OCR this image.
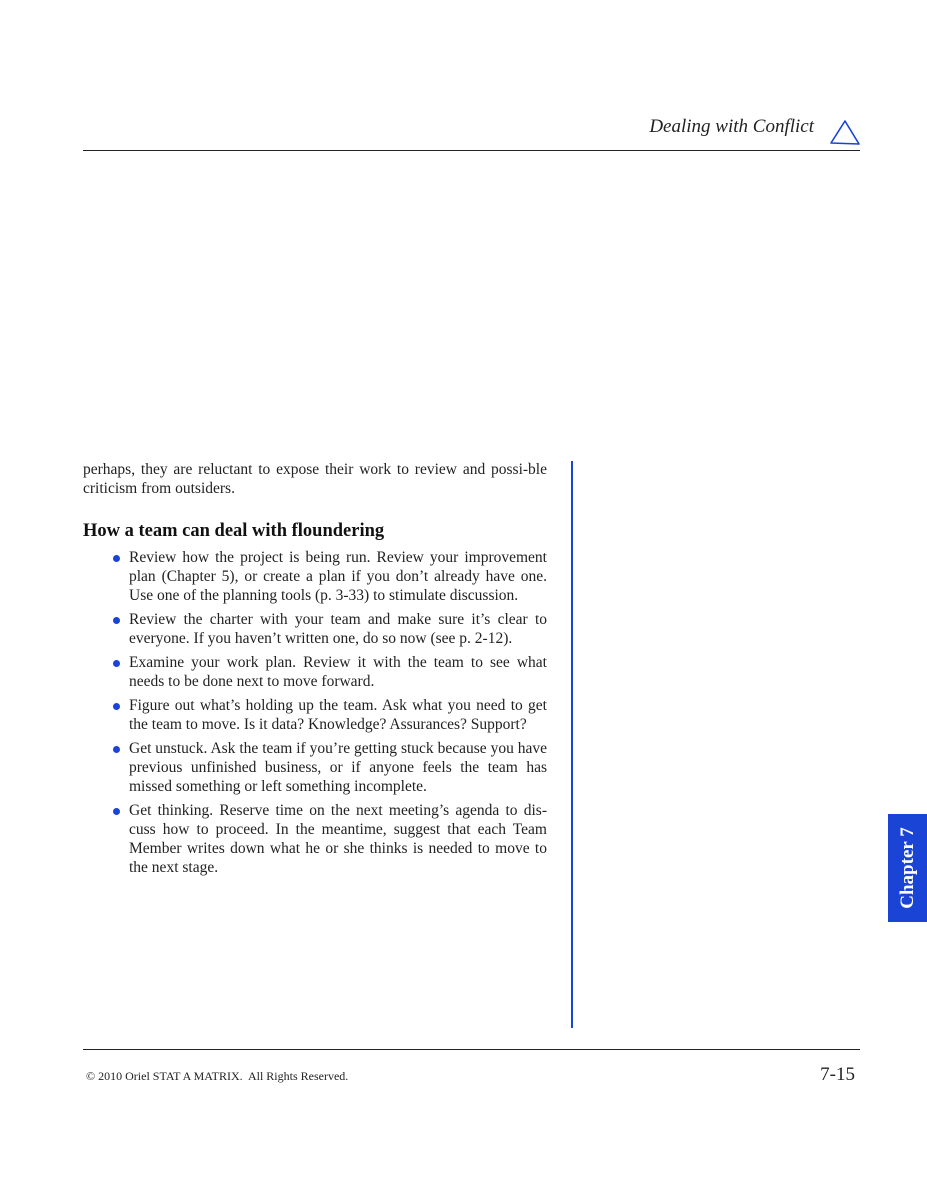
Dealing with Conflict

perhaps, they are reluctant to expose their work to review and possi-ble criticism from outsiders.

How a team can deal with floundering
Review how the project is being run. Review your improvement plan (Chapter 5), or create a plan if you don’t already have one. Use one of the planning tools (p. 3-33) to stimulate discussion.
Review the charter with your team and make sure it’s clear to everyone. If you haven’t written one, do so now (see p. 2-12).
Examine your work plan. Review it with the team to see what needs to be done next to move forward.
Figure out what’s holding up the team. Ask what you need to get the team to move. Is it data? Knowledge? Assurances? Support?
Get unstuck. Ask the team if you’re getting stuck because you have previous unfinished business, or if anyone feels the team has missed something or left something incomplete.
Get thinking. Reserve time on the next meeting’s agenda to dis-cuss how to proceed. In the meantime, suggest that each Team Member writes down what he or she thinks is needed to move to the next stage.	Chapter 7
© 2010 Oriel STAT A MATRIX.  All Rights Reserved.	7-15
